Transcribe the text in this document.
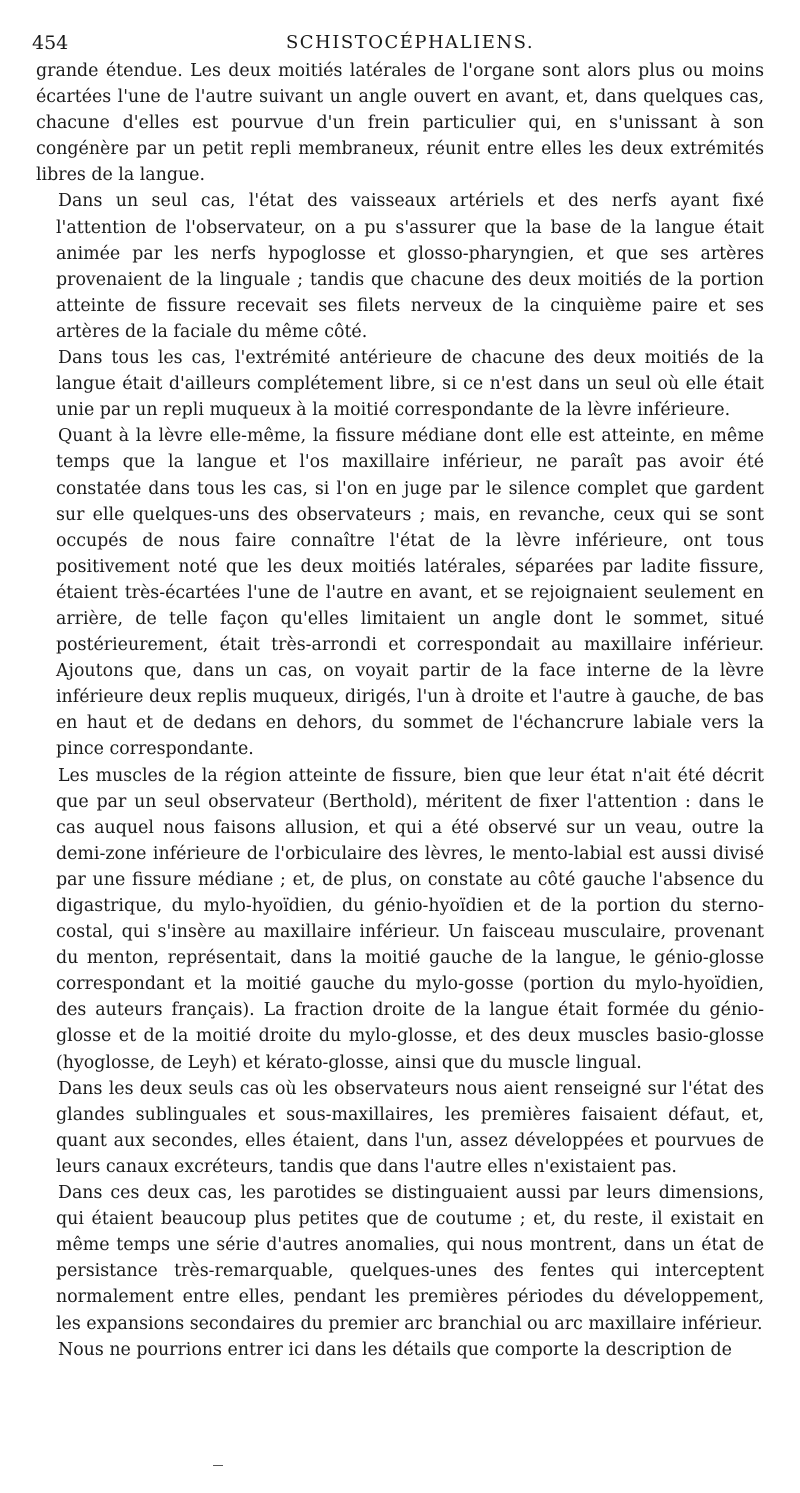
454	SCHISTOCÉPHALIENS.

grande étendue. Les deux moitiés latérales de l'organe sont alors plus ou moins écartées l'une de l'autre suivant un angle ouvert en avant, et, dans quelques cas, chacune d'elles est pourvue d'un frein particulier qui, en s'unissant à son congénère par un petit repli membraneux, réunit entre elles les deux extrémités libres de la langue.

Dans un seul cas, l'état des vaisseaux artériels et des nerfs ayant fixé l'attention de l'observateur, on a pu s'assurer que la base de la langue était animée par les nerfs hypoglosse et glosso-pharyngien, et que ses artères provenaient de la linguale ; tandis que chacune des deux moitiés de la portion atteinte de fissure recevait ses filets nerveux de la cinquième paire et ses artères de la faciale du même côté.

Dans tous les cas, l'extrémité antérieure de chacune des deux moitiés de la langue était d'ailleurs complétement libre, si ce n'est dans un seul où elle était unie par un repli muqueux à la moitié correspondante de la lèvre inférieure.

Quant à la lèvre elle-même, la fissure médiane dont elle est atteinte, en même temps que la langue et l'os maxillaire inférieur, ne paraît pas avoir été constatée dans tous les cas, si l'on en juge par le silence complet que gardent sur elle quelques-uns des observateurs ; mais, en revanche, ceux qui se sont occupés de nous faire connaître l'état de la lèvre inférieure, ont tous positivement noté que les deux moitiés latérales, séparées par ladite fissure, étaient très-écartées l'une de l'autre en avant, et se rejoignaient seulement en arrière, de telle façon qu'elles limitaient un angle dont le sommet, situé postérieurement, était très-arrondi et correspondait au maxillaire inférieur. Ajoutons que, dans un cas, on voyait partir de la face interne de la lèvre inférieure deux replis muqueux, dirigés, l'un à droite et l'autre à gauche, de bas en haut et de dedans en dehors, du sommet de l'échancrure labiale vers la pince correspondante.

Les muscles de la région atteinte de fissure, bien que leur état n'ait été décrit que par un seul observateur (Berthold), méritent de fixer l'attention : dans le cas auquel nous faisons allusion, et qui a été observé sur un veau, outre la demi-zone inférieure de l'orbiculaire des lèvres, le mento-labial est aussi divisé par une fissure médiane ; et, de plus, on constate au côté gauche l'absence du digastrique, du mylo-hyoïdien, du génio-hyoïdien et de la portion du sterno-costal, qui s'insère au maxillaire inférieur. Un faisceau musculaire, provenant du menton, représentait, dans la moitié gauche de la langue, le génio-glosse correspondant et la moitié gauche du mylo-gosse (portion du mylo-hyoïdien, des auteurs français). La fraction droite de la langue était formée du génio-glosse et de la moitié droite du mylo-glosse, et des deux muscles basio-glosse (hyoglosse, de Leyh) et kérato-glosse, ainsi que du muscle lingual.

Dans les deux seuls cas où les observateurs nous aient renseigné sur l'état des glandes sublinguales et sous-maxillaires, les premières faisaient défaut, et, quant aux secondes, elles étaient, dans l'un, assez développées et pourvues de leurs canaux excréteurs, tandis que dans l'autre elles n'existaient pas.

Dans ces deux cas, les parotides se distinguaient aussi par leurs dimensions, qui étaient beaucoup plus petites que de coutume ; et, du reste, il existait en même temps une série d'autres anomalies, qui nous montrent, dans un état de persistance très-remarquable, quelques-unes des fentes qui interceptent normalement entre elles, pendant les premières périodes du développement, les expansions secondaires du premier arc branchial ou arc maxillaire inférieur.

Nous ne pourrions entrer ici dans les détails que comporte la description de
